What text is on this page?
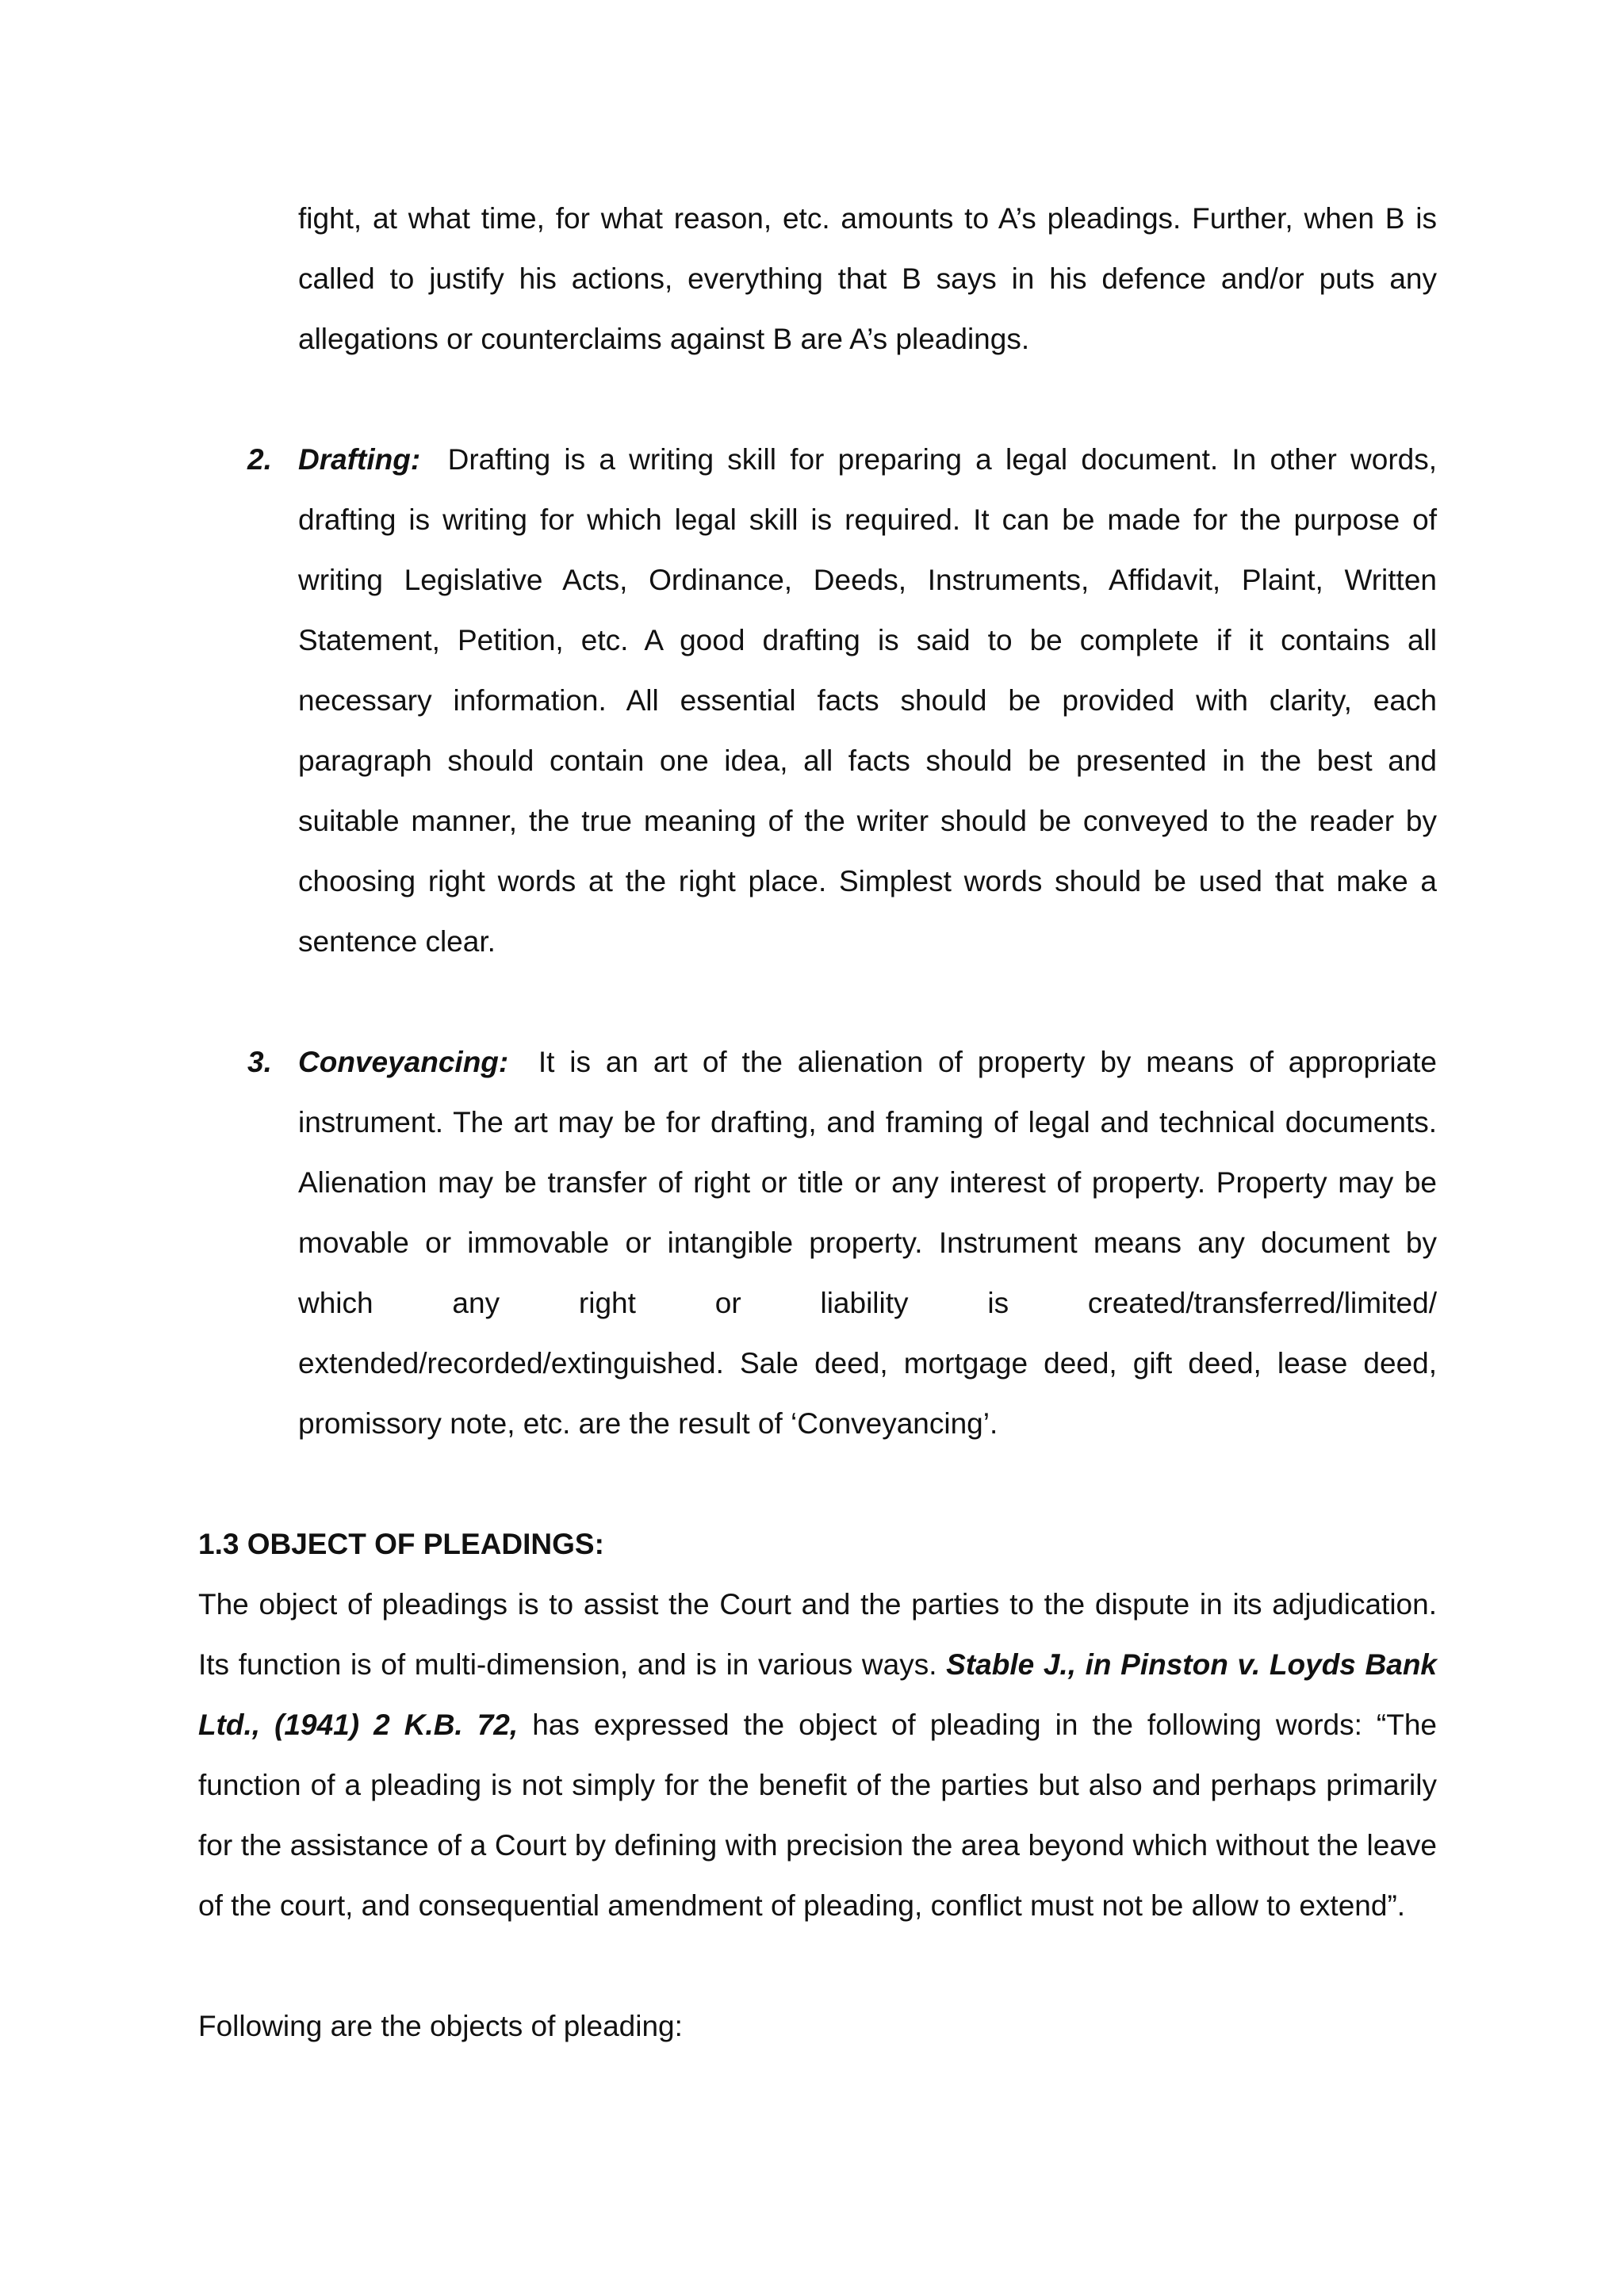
fight, at what time, for what reason, etc. amounts to A’s pleadings. Further, when B is called to justify his actions, everything that B says in his defence and/or puts any allegations or counterclaims against B are A’s pleadings.

2. Drafting: Drafting is a writing skill for preparing a legal document. In other words, drafting is writing for which legal skill is required. It can be made for the purpose of writing Legislative Acts, Ordinance, Deeds, Instruments, Affidavit, Plaint, Written Statement, Petition, etc. A good drafting is said to be complete if it contains all necessary information. All essential facts should be provided with clarity, each paragraph should contain one idea, all facts should be presented in the best and suitable manner, the true meaning of the writer should be conveyed to the reader by choosing right words at the right place. Simplest words should be used that make a sentence clear.

3. Conveyancing: It is an art of the alienation of property by means of appropriate instrument. The art may be for drafting, and framing of legal and technical documents. Alienation may be transfer of right or title or any interest of property. Property may be movable or immovable or intangible property. Instrument means any document by which any right or liability is created/transferred/limited/ extended/recorded/extinguished. Sale deed, mortgage deed, gift deed, lease deed, promissory note, etc. are the result of ‘Conveyancing’.

1.3 OBJECT OF PLEADINGS:

The object of pleadings is to assist the Court and the parties to the dispute in its adjudication. Its function is of multi-dimension, and is in various ways. Stable J., in Pinston v. Loyds Bank Ltd., (1941) 2 K.B. 72, has expressed the object of pleading in the following words: “The function of a pleading is not simply for the benefit of the parties but also and perhaps primarily for the assistance of a Court by defining with precision the area beyond which without the leave of the court, and consequential amendment of pleading, conflict must not be allow to extend”.

Following are the objects of pleading:
